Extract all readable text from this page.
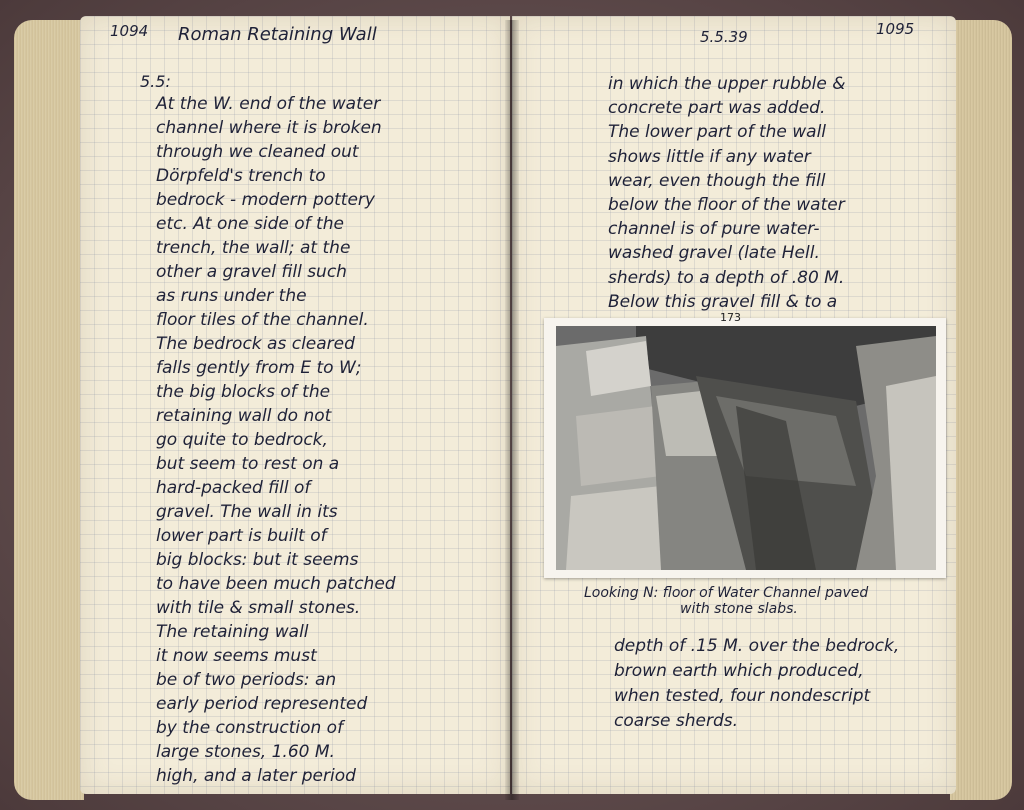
1094 Roman Retaining Wall
5.5:
At the W. end of the water
channel where it is broken
through we cleaned out
Dörpfeld's trench to
bedrock - modern pottery
etc. At one side of the
trench, the wall; at the
other a gravel fill such
as runs under the
floor tiles of the channel.
The bedrock as cleared
falls gently from E to W;
the big blocks of the
retaining wall do not
go quite to bedrock,
but seem to rest on a
hard-packed fill of
gravel. The wall in its
lower part is built of
big blocks: but it seems
to have been much patched
with tile & small stones.
The retaining wall
it now seems must
be of two periods: an
early period represented
by the construction of
large stones, 1.60 M.
high, and a later period
5.5.39	1095
in which the upper rubble &
concrete part was added.
The lower part of the wall
shows little if any water
wear, even though the fill
below the floor of the water
channel is of pure water-
washed gravel (late Hell.
sherds) to a depth of .80 M.
Below this gravel fill & to a
173
Looking N: floor of Water Channel paved
with stone slabs.
depth of .15 M. over the bedrock,
brown earth which produced,
when tested, four nondescript
coarse sherds.
